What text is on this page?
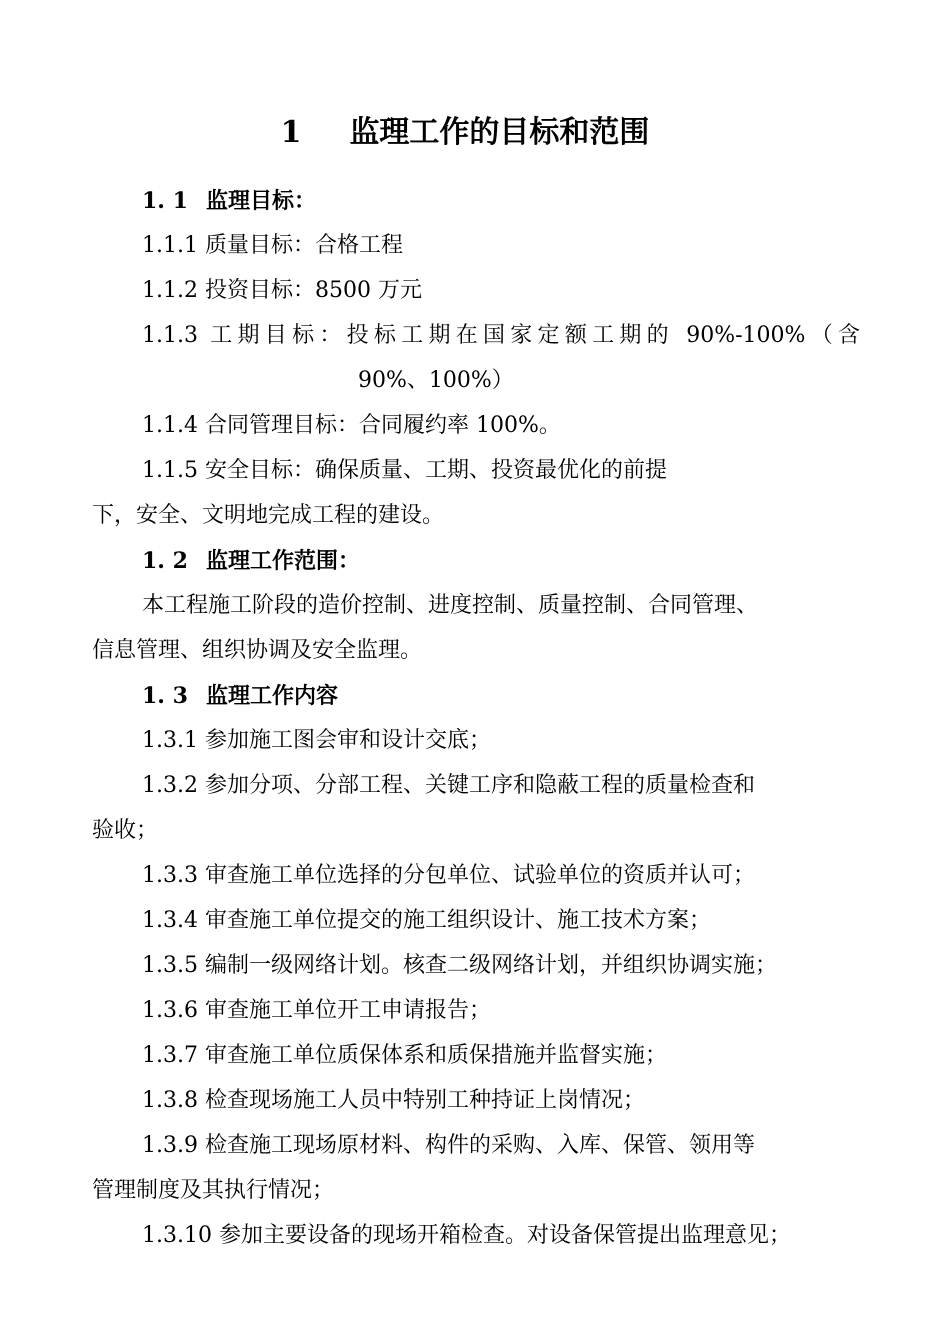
1 监理工作的目标和范围
1. 1 监理目标：
1.1.1 质量目标：合格工程
1.1.2 投资目标：8500 万元
1.1.3 工期目标：投标工期在国家定额工期的 90%-100%（含
90%、100%）
1.1.4 合同管理目标：合同履约率 100%。
1.1.5 安全目标：确保质量、工期、投资最优化的前提
下，安全、文明地完成工程的建设。
1. 2 监理工作范围：
本工程施工阶段的造价控制、进度控制、质量控制、合同管理、
信息管理、组织协调及安全监理。
1. 3 监理工作内容
1.3.1 参加施工图会审和设计交底；
1.3.2 参加分项、分部工程、关键工序和隐蔽工程的质量检查和
验收；
1.3.3 审查施工单位选择的分包单位、试验单位的资质并认可；
1.3.4 审查施工单位提交的施工组织设计、施工技术方案；
1.3.5 编制一级网络计划。核查二级网络计划，并组织协调实施；
1.3.6 审查施工单位开工申请报告；
1.3.7 审查施工单位质保体系和质保措施并监督实施；
1.3.8 检查现场施工人员中特别工种持证上岗情况；
1.3.9 检查施工现场原材料、构件的采购、入库、保管、领用等
管理制度及其执行情况；
1.3.10 参加主要设备的现场开箱检查。对设备保管提出监理意见；
